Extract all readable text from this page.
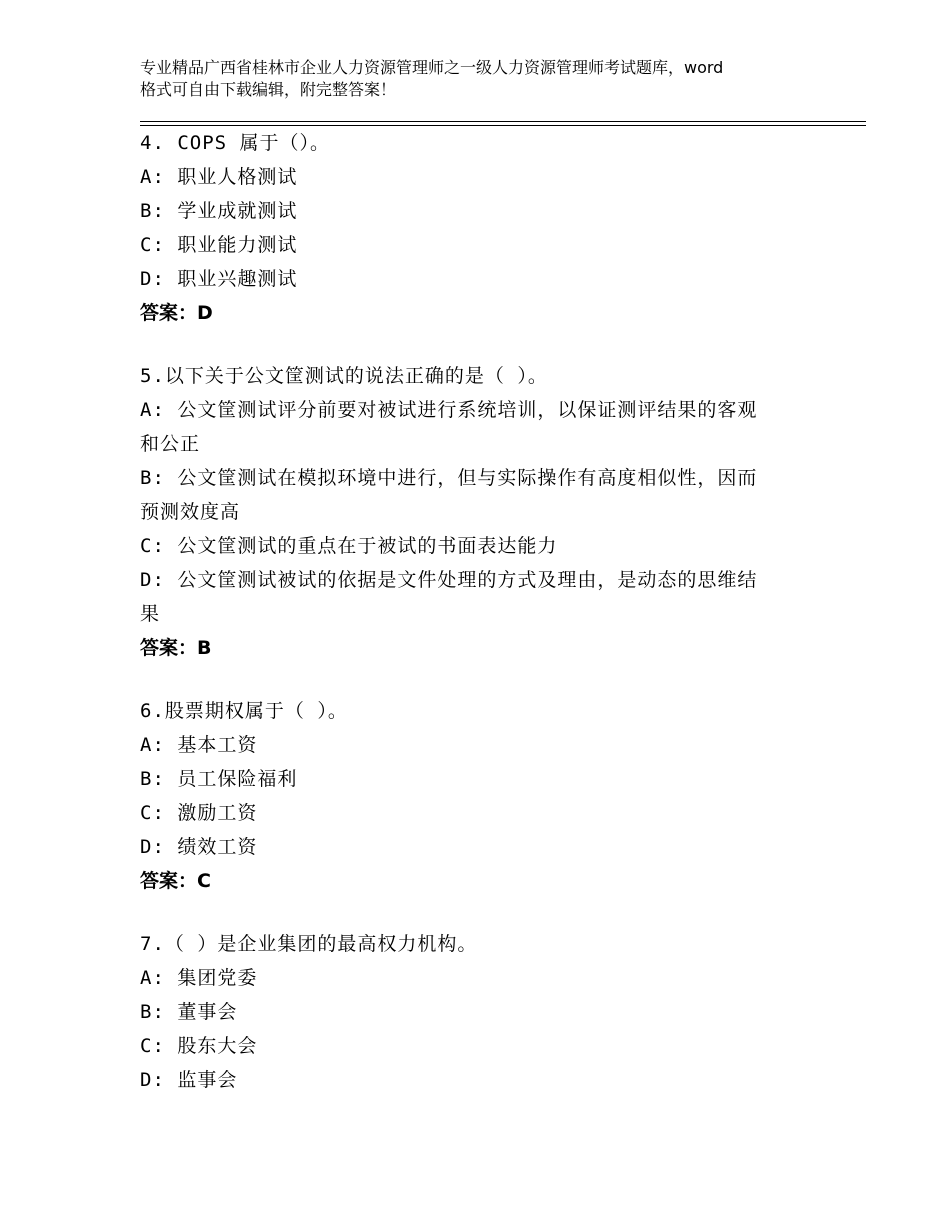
专业精品广西省桂林市企业人力资源管理师之一级人力资源管理师考试题库，word
格式可自由下载编辑，附完整答案！
4. COPS 属于（）。
A: 职业人格测试
B: 学业成就测试
C: 职业能力测试
D: 职业兴趣测试
答案：D
5.以下关于公文筐测试的说法正确的是（ ）。
A: 公文筐测试评分前要对被试进行系统培训，以保证测评结果的客观
和公正
B: 公文筐测试在模拟环境中进行，但与实际操作有高度相似性，因而
预测效度高
C: 公文筐测试的重点在于被试的书面表达能力
D: 公文筐测试被试的依据是文件处理的方式及理由，是动态的思维结
果
答案：B
6.股票期权属于（ ）。
A: 基本工资
B: 员工保险福利
C: 激励工资
D: 绩效工资
答案：C
7.（ ）是企业集团的最高权力机构。
A: 集团党委
B: 董事会
C: 股东大会
D: 监事会
